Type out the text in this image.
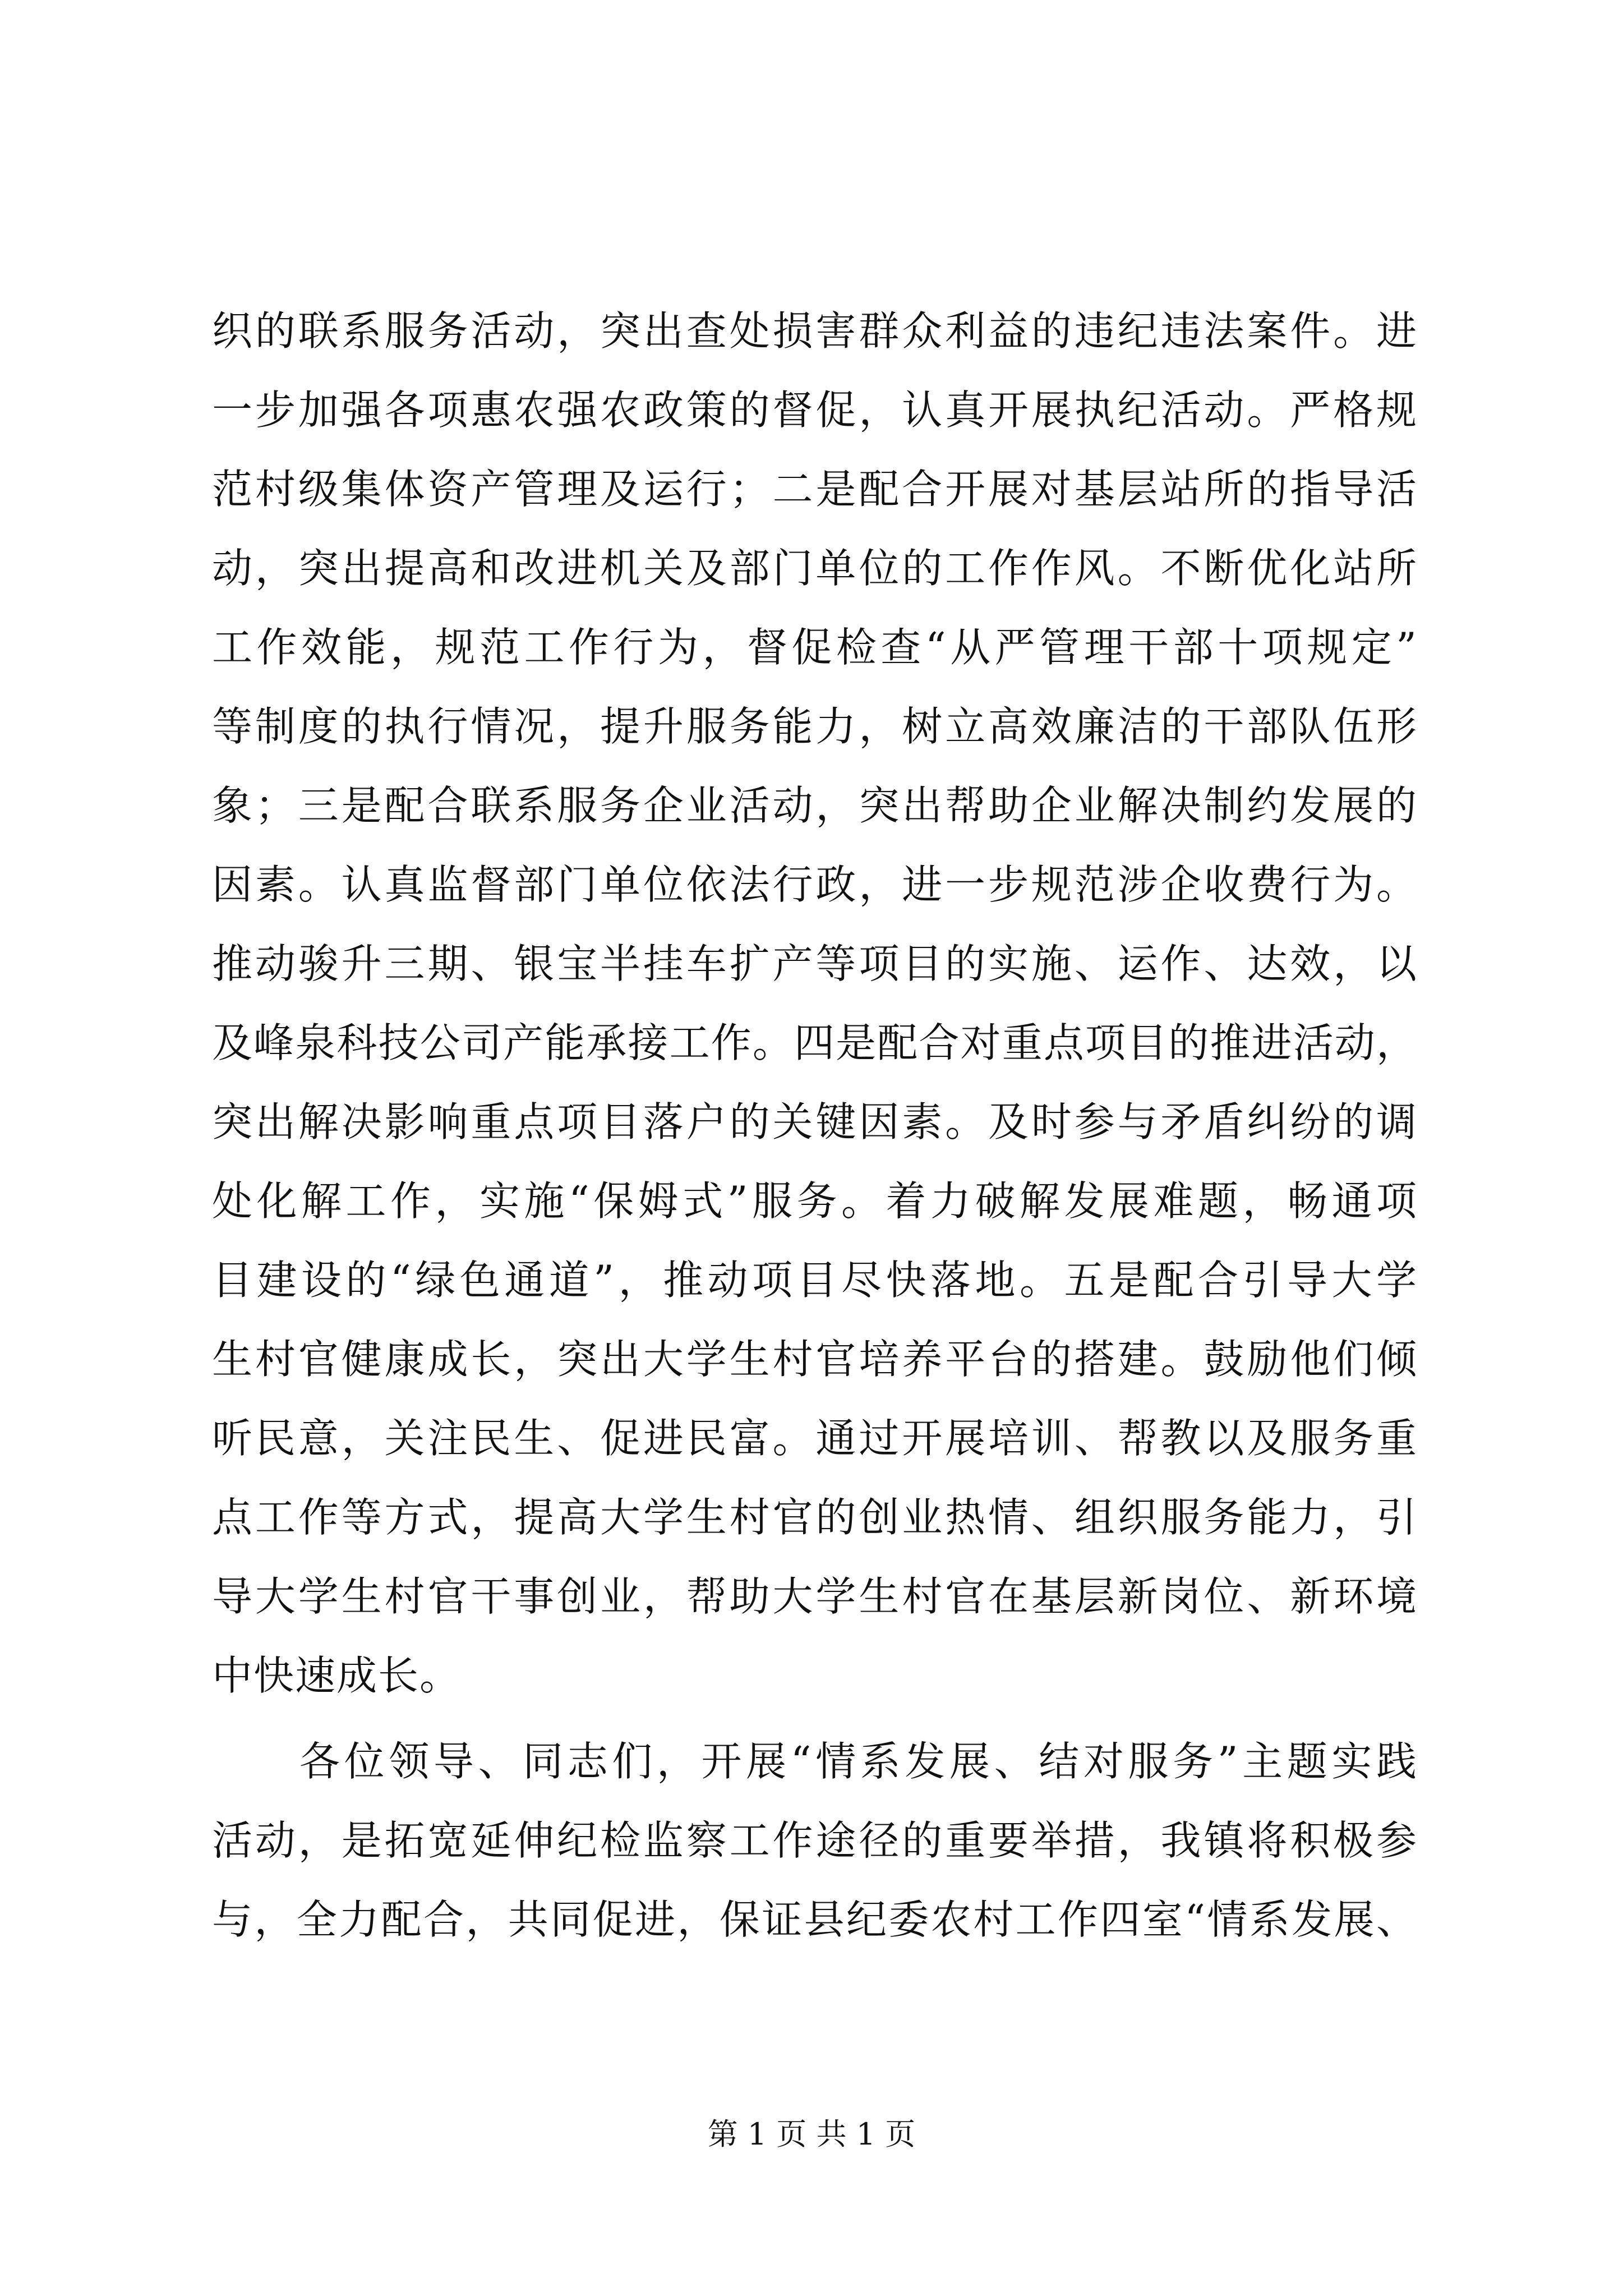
织的联系服务活动，突出查处损害群众利益的违纪违法案件。进
一步加强各项惠农强农政策的督促，认真开展执纪活动。严格规
范村级集体资产管理及运行；二是配合开展对基层站所的指导活
动，突出提高和改进机关及部门单位的工作作风。不断优化站所
工作效能，规范工作行为，督促检查“从严管理干部十项规定”
等制度的执行情况，提升服务能力，树立高效廉洁的干部队伍形
象；三是配合联系服务企业活动，突出帮助企业解决制约发展的
因素。认真监督部门单位依法行政，进一步规范涉企收费行为。
推动骏升三期、银宝半挂车扩产等项目的实施、运作、达效，以
及峰泉科技公司产能承接工作。四是配合对重点项目的推进活动，
突出解决影响重点项目落户的关键因素。及时参与矛盾纠纷的调
处化解工作，实施“保姆式”服务。着力破解发展难题，畅通项
目建设的“绿色通道”，推动项目尽快落地。五是配合引导大学
生村官健康成长，突出大学生村官培养平台的搭建。鼓励他们倾
听民意，关注民生、促进民富。通过开展培训、帮教以及服务重
点工作等方式，提高大学生村官的创业热情、组织服务能力，引
导大学生村官干事创业，帮助大学生村官在基层新岗位、新环境
中快速成长。
各位领导、同志们，开展“情系发展、结对服务”主题实践
活动，是拓宽延伸纪检监察工作途径的重要举措，我镇将积极参
与，全力配合，共同促进，保证县纪委农村工作四室“情系发展、
第 1 页 共 1 页
